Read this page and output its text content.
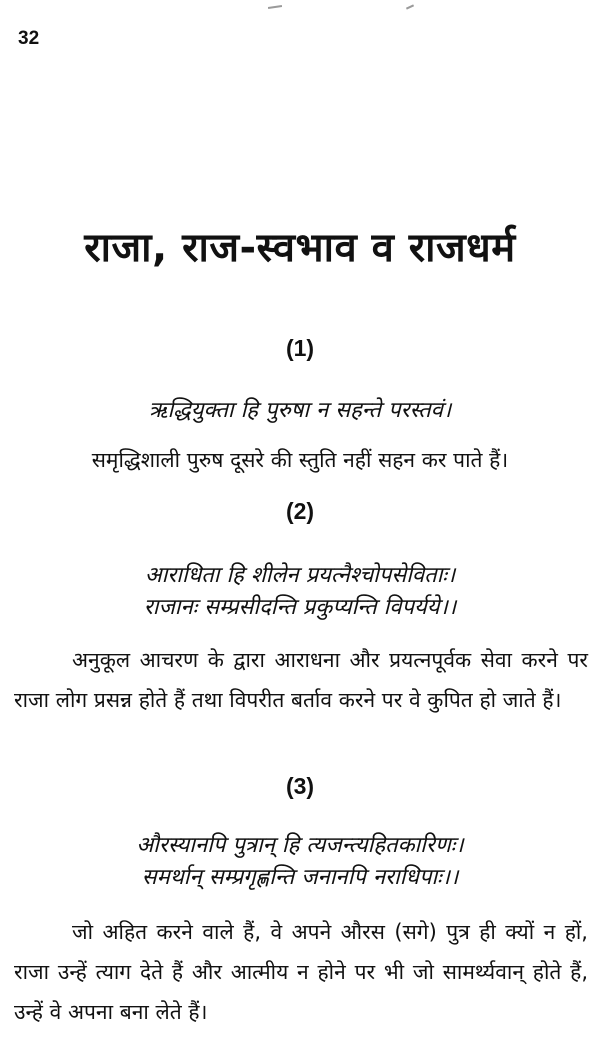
32
राजा, राज-स्वभाव व राजधर्म
(1)
ऋद्धियुक्ता हि पुरुषा न सहन्ते परस्तवं।
समृद्धिशाली पुरुष दूसरे की स्तुति नहीं सहन कर पाते हैं।
(2)
आराधिता हि शीलेन प्रयत्नैश्चोपसेविताः।
राजानः सम्प्रसीदन्ति प्रकुप्यन्ति विपर्यये।।
अनुकूल आचरण के द्वारा आराधना और प्रयत्नपूर्वक सेवा करने पर राजा लोग प्रसन्न होते हैं तथा विपरीत बर्ताव करने पर वे कुपित हो जाते हैं।
(3)
औरस्यानपि पुत्रान् हि त्यजन्त्यहितकारिणः।
समर्थान् सम्प्रगृह्णन्ति जनानपि नराधिपाः।।
जो अहित करने वाले हैं, वे अपने औरस (सगे) पुत्र ही क्यों न हों, राजा उन्हें त्याग देते हैं और आत्मीय न होने पर भी जो सामर्थ्यवान् होते हैं, उन्हें वे अपना बना लेते हैं।
